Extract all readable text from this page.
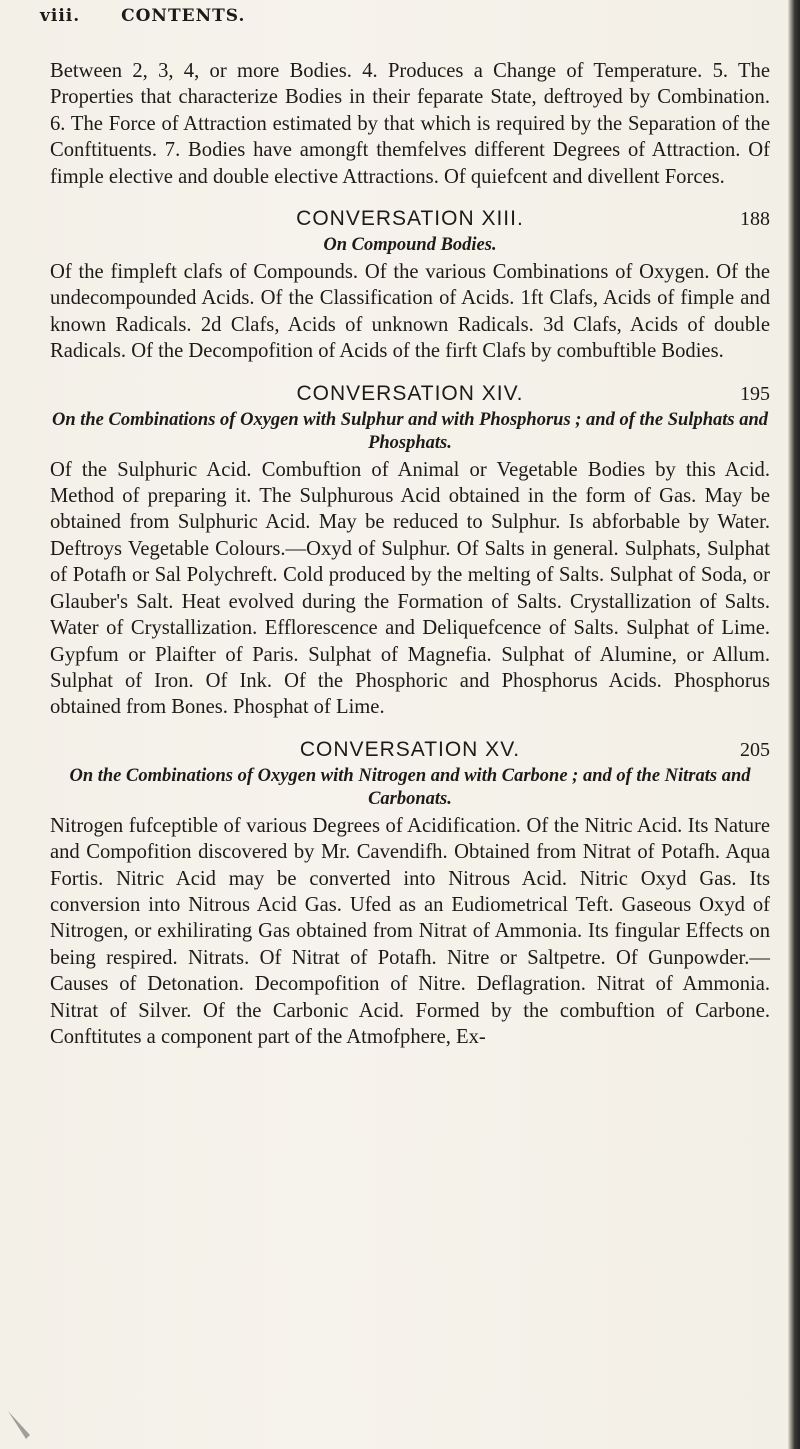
viii. CONTENTS.

Between 2, 3, 4, or more Bodies. 4. Produces a Change of Temperature. 5. The Properties that characterize Bodies in their feparate State, deftroyed by Combination. 6. The Force of Attraction estimated by that which is required by the Separation of the Conftituents. 7. Bodies have amongft themfelves different Degrees of Attraction. Of fimple elective and double elective Attractions. Of quiefcent and divellent Forces.

CONVERSATION XIII.	188
On Compound Bodies.

Of the fimpleft clafs of Compounds. Of the various Combinations of Oxygen. Of the undecompounded Acids. Of the Classification of Acids. 1ft Clafs, Acids of fimple and known Radicals. 2d Clafs, Acids of unknown Radicals. 3d Clafs, Acids of double Radicals. Of the Decompofition of Acids of the firft Clafs by combuftible Bodies.

CONVERSATION XIV.	195
On the Combinations of Oxygen with Sulphur and with Phosphorus ; and of the Sulphats and Phosphats.

Of the Sulphuric Acid. Combuftion of Animal or Vegetable Bodies by this Acid. Method of preparing it. The Sulphurous Acid obtained in the form of Gas. May be obtained from Sulphuric Acid. May be reduced to Sulphur. Is abforbable by Water. Deftroys Vegetable Colours.—Oxyd of Sulphur. Of Salts in general. Sulphats, Sulphat of Potafh or Sal Polychreft. Cold produced by the melting of Salts. Sulphat of Soda, or Glauber's Salt. Heat evolved during the Formation of Salts. Crystallization of Salts. Water of Crystallization. Efflorescence and Deliquefcence of Salts. Sulphat of Lime. Gypfum or Plaifter of Paris. Sulphat of Magnefia. Sulphat of Alumine, or Allum. Sulphat of Iron. Of Ink. Of the Phosphoric and Phosphorus Acids. Phosphorus obtained from Bones. Phosphat of Lime.

CONVERSATION XV.	205
On the Combinations of Oxygen with Nitrogen and with Carbone ; and of the Nitrats and Carbonats.

Nitrogen fufceptible of various Degrees of Acidification. Of the Nitric Acid. Its Nature and Compofition discovered by Mr. Cavendifh. Obtained from Nitrat of Potafh. Aqua Fortis. Nitric Acid may be converted into Nitrous Acid. Nitric Oxyd Gas. Its conversion into Nitrous Acid Gas. Ufed as an Eudiometrical Teft. Gaseous Oxyd of Nitrogen, or exhilirating Gas obtained from Nitrat of Ammonia. Its fingular Effects on being respired. Nitrats. Of Nitrat of Potafh. Nitre or Saltpetre. Of Gunpowder.—Causes of Detonation. Decompofition of Nitre. Deflagration. Nitrat of Ammonia. Nitrat of Silver. Of the Carbonic Acid. Formed by the combuftion of Carbone. Conftitutes a component part of the Atmofphere, Ex-
